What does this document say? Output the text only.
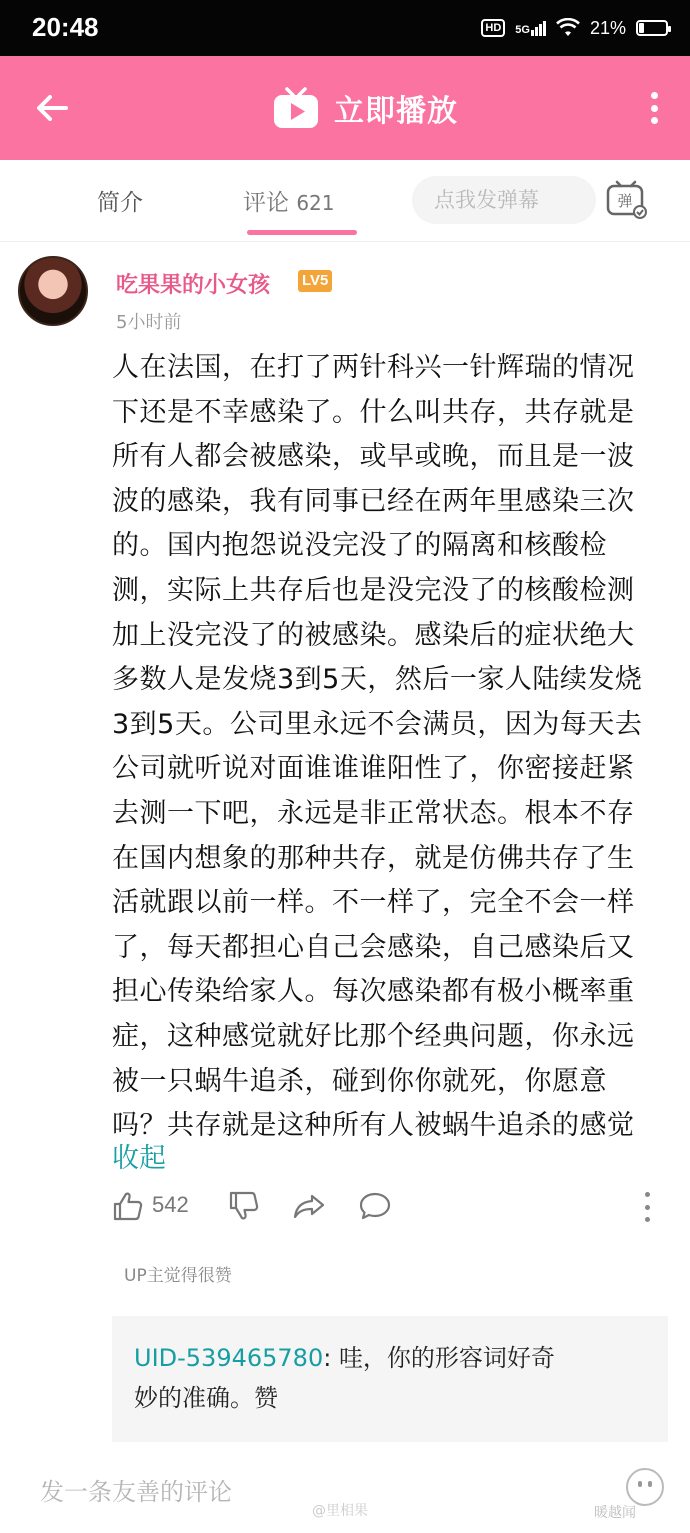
20:48	HD	5G	21%
立即播放
简介	评论 621	点我发弹幕	弹
吃果果的小女孩 LV5
5小时前
人在法国，在打了两针科兴一针辉瑞的情况
下还是不幸感染了。什么叫共存，共存就是
所有人都会被感染，或早或晚，而且是一波
波的感染，我有同事已经在两年里感染三次
的。国内抱怨说没完没了的隔离和核酸检
测，实际上共存后也是没完没了的核酸检测
加上没完没了的被感染。感染后的症状绝大
多数人是发烧3到5天，然后一家人陆续发烧
3到5天。公司里永远不会满员，因为每天去
公司就听说对面谁谁谁阳性了，你密接赶紧
去测一下吧，永远是非正常状态。根本不存
在国内想象的那种共存，就是仿佛共存了生
活就跟以前一样。不一样了，完全不会一样
了，每天都担心自己会感染，自己感染后又
担心传染给家人。每次感染都有极小概率重
症，这种感觉就好比那个经典问题，你永远
被一只蜗牛追杀，碰到你你就死，你愿意
吗？共存就是这种所有人被蜗牛追杀的感觉
收起
542
UP主觉得很赞
UID-539465780: 哇，你的形容词好奇
妙的准确。赞
发一条友善的评论
@里相果	暖越闻
